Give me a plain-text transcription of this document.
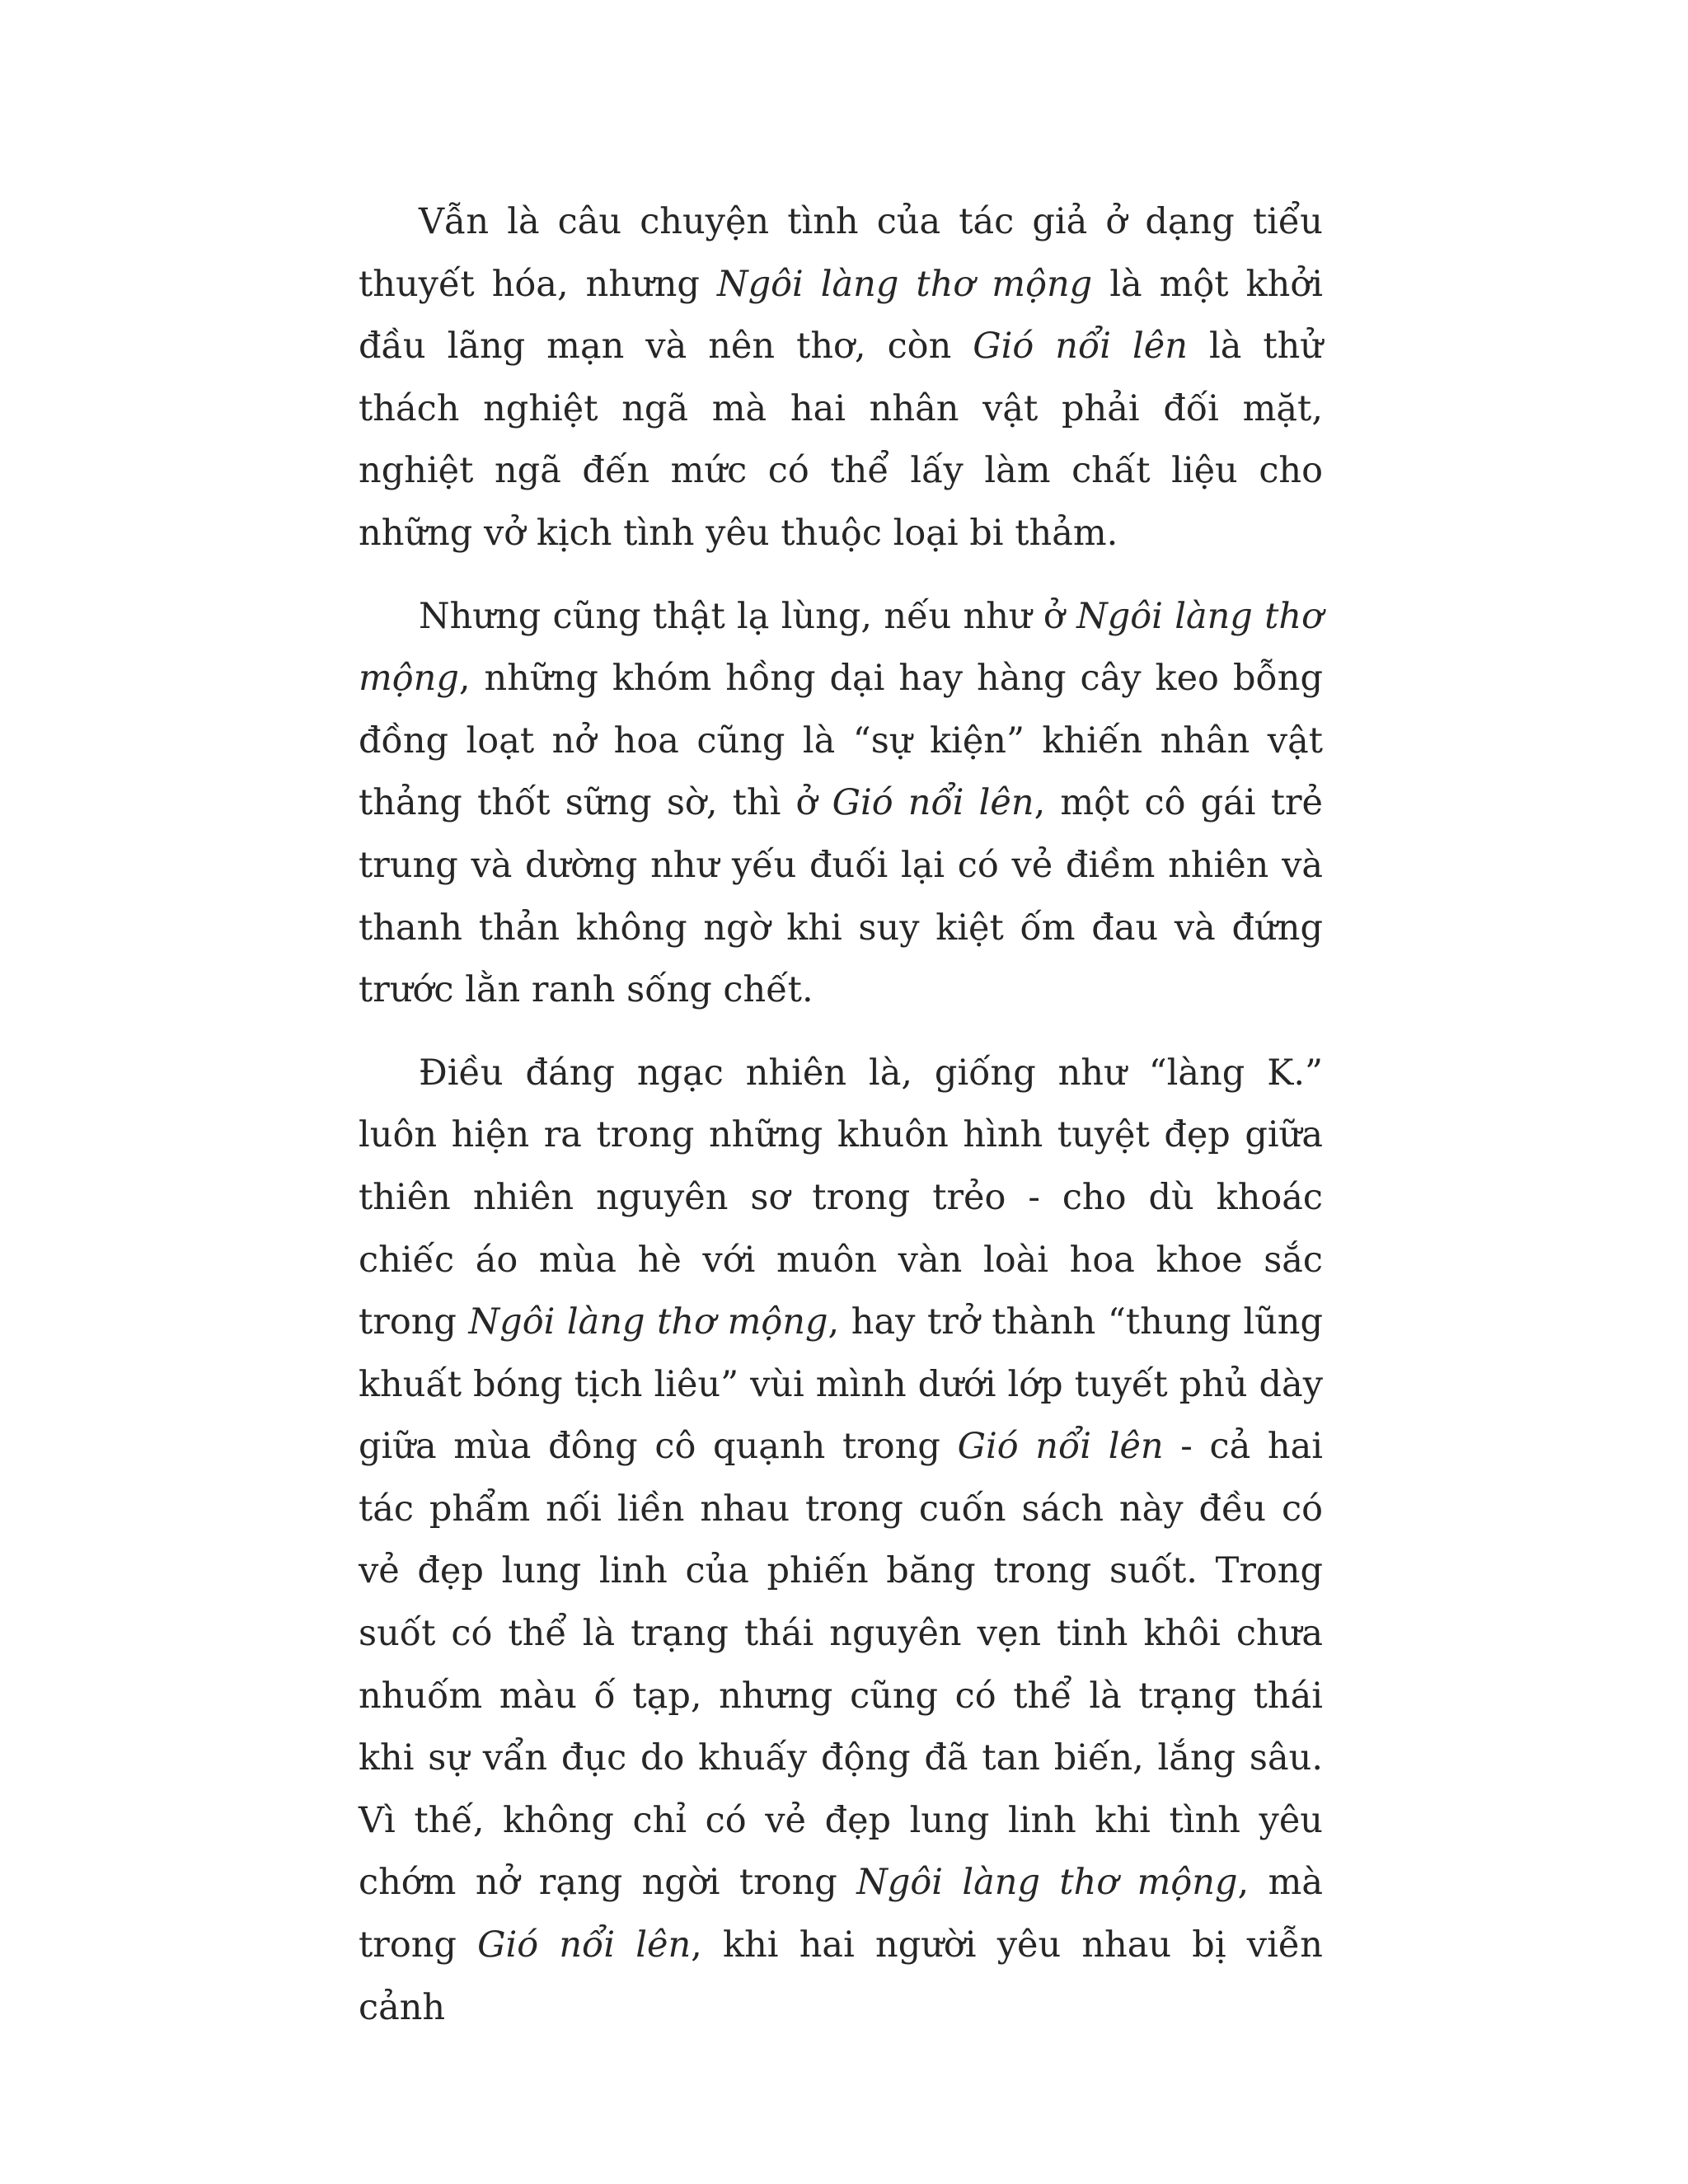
Vẫn là câu chuyện tình của tác giả ở dạng tiểu thuyết hóa, nhưng Ngôi làng thơ mộng là một khởi đầu lãng mạn và nên thơ, còn Gió nổi lên là thử thách nghiệt ngã mà hai nhân vật phải đối mặt, nghiệt ngã đến mức có thể lấy làm chất liệu cho những vở kịch tình yêu thuộc loại bi thảm.

Nhưng cũng thật lạ lùng, nếu như ở Ngôi làng thơ mộng, những khóm hồng dại hay hàng cây keo bỗng đồng loạt nở hoa cũng là “sự kiện” khiến nhân vật thảng thốt sững sờ, thì ở Gió nổi lên, một cô gái trẻ trung và dường như yếu đuối lại có vẻ điềm nhiên và thanh thản không ngờ khi suy kiệt ốm đau và đứng trước lằn ranh sống chết.

Điều đáng ngạc nhiên là, giống như “làng K.” luôn hiện ra trong những khuôn hình tuyệt đẹp giữa thiên nhiên nguyên sơ trong trẻo - cho dù khoác chiếc áo mùa hè với muôn vàn loài hoa khoe sắc trong Ngôi làng thơ mộng, hay trở thành “thung lũng khuất bóng tịch liêu” vùi mình dưới lớp tuyết phủ dày giữa mùa đông cô quạnh trong Gió nổi lên - cả hai tác phẩm nối liền nhau trong cuốn sách này đều có vẻ đẹp lung linh của phiến băng trong suốt. Trong suốt có thể là trạng thái nguyên vẹn tinh khôi chưa nhuốm màu ố tạp, nhưng cũng có thể là trạng thái khi sự vẩn đục do khuấy động đã tan biến, lắng sâu. Vì thế, không chỉ có vẻ đẹp lung linh khi tình yêu chớm nở rạng ngời trong Ngôi làng thơ mộng, mà trong Gió nổi lên, khi hai người yêu nhau bị viễn cảnh
